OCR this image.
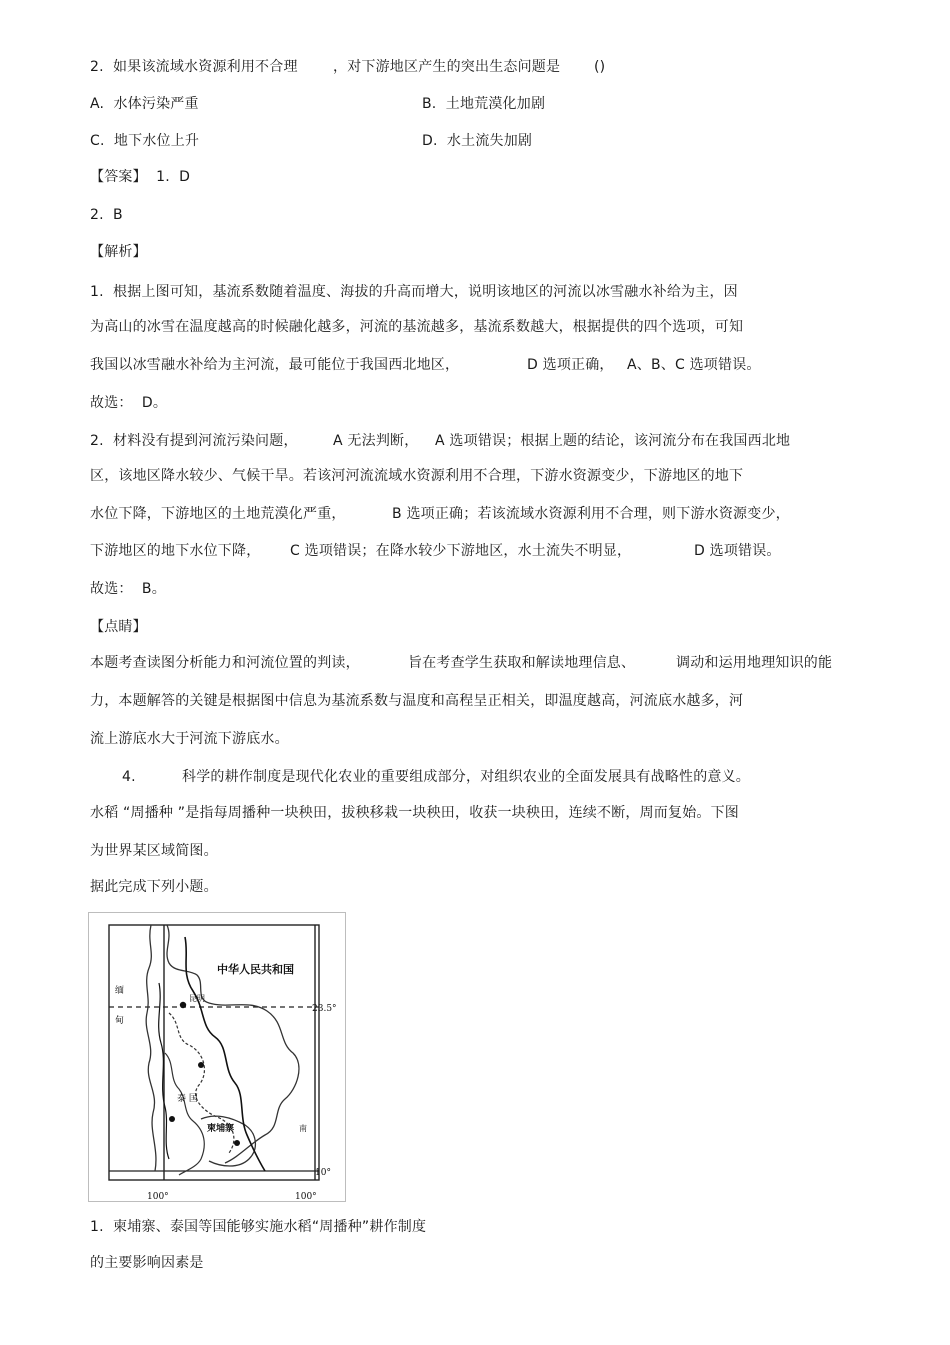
2.  如果该流域水资源利用不合理	，对下游地区产生的突出生态问题是 ()
A.  水体污染严重	B.  土地荒漠化加剧
C.  地下水位上升	D.  水土流失加剧
【答案】  1.  D
2.  B
【解析】
1.  根据上图可知，基流系数随着温度、海拔的升高而增大，说明该地区的河流以冰雪融水补给为主，因
为高山的冰雪在温度越高的时候融化越多，河流的基流越多，基流系数越大，根据提供的四个选项，可知
我国以冰雪融水补给为主河流，最可能位于我国西北地区，	D 选项正确， A、B、C 选项错误。
故选：  D。
2.  材料没有提到河流污染问题，	A 无法判断， A 选项错误；根据上题的结论，该河流分布在我国西北地
区，该地区降水较少、气候干旱。若该河河流流域水资源利用不合理，下游水资源变少，下游地区的地下
水位下降，下游地区的土地荒漠化严重，	B 选项正确；若该流域水资源利用不合理，则下游水资源变少，
下游地区的地下水位下降， C 选项错误；在降水较少下游地区，水土流失不明显，	D 选项错误。
故选：  B。
【点睛】
本题考查读图分析能力和河流位置的判读，	旨在考查学生获取和解读地理信息、	调动和运用地理知识的能
力，本题解答的关键是根据图中信息为基流系数与温度和高程呈正相关，即温度越高，河流底水越多，河
流上游底水大于河流下游底水。
4.	科学的耕作制度是现代化农业的重要组成部分，对组织农业的全面发展具有战略性的意义。
水稻 “周播种 ”是指每周播种一块秧田，拔秧移栽一块秧田，收获一块秧田，连续不断，周而复始。下图
为世界某区域简图。
据此完成下列小题。
中华人民共和国
23.5°
10°
100°	100°
柬埔寨
泰 国
缅
甸
昆明
南
1.  柬埔寨、泰国等国能够实施水稻“周播种”耕作制度
的主要影响因素是
